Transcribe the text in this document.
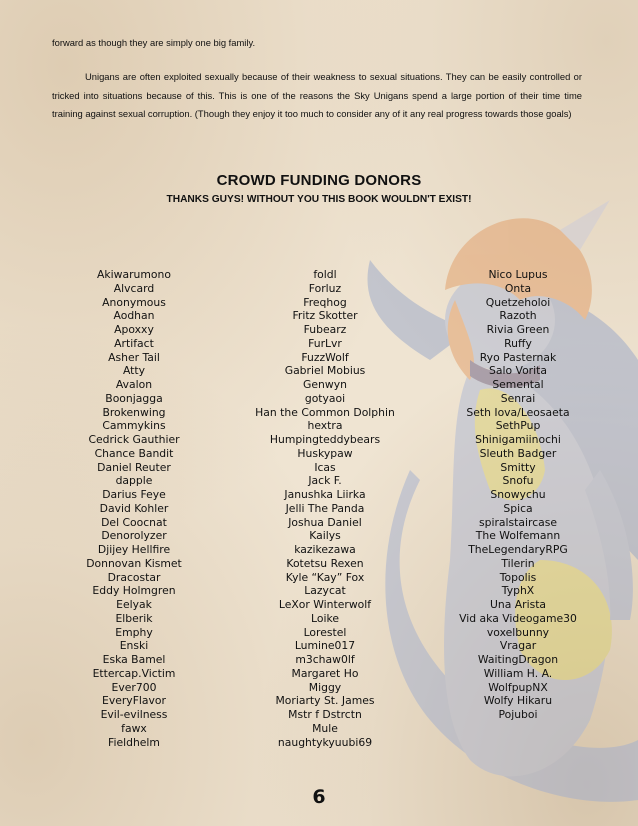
forward as though they are simply one big family.

Unigans are often exploited sexually because of their weakness to sexual situations. They can be easily controlled or tricked into situations because of this. This is one of the reasons the Sky Unigans spend a large portion of their time time training against sexual corruption. (Though they enjoy it too much to consider any of it any real progress towards those goals)

CROWD FUNDING DONORS
THANKS GUYS! WITHOUT YOU THIS BOOK WOULDN'T EXIST!
Akiwarumono
Alvcard
Anonymous
Aodhan
Apoxxy
Artifact
Asher Tail
Atty
Avalon
Boonjagga
Brokenwing
Cammykins
Cedrick Gauthier
Chance Bandit
Daniel Reuter
dapple
Darius Feye
David Kohler
Del Coocnat
Denorolyzer
Djijey Hellfire
Donnovan Kismet
Dracostar
Eddy Holmgren
Eelyak
Elberik
Emphy
Enski
Eska Bamel
Ettercap.Victim
Ever700
EveryFlavor
Evil-evilness
fawx
Fieldhelm
foldl
Forluz
Freqhog
Fritz Skotter
Fubearz
FurLvr
FuzzWolf
Gabriel Mobius
Genwyn
gotyaoi
Han the Common Dolphin
hextra
Humpingteddybears
Huskypaw
Icas
Jack F.
Janushka Liirka
Jelli The Panda
Joshua Daniel
Kailys
kazikezawa
Kotetsu Rexen
Kyle “Kay” Fox
Lazycat
LeXor Winterwolf
Loike
Lorestel
Lumine017
m3chaw0lf
Margaret Ho
Miggy
Moriarty St. James
Mstr f Dstrctn
Mule
naughtykyuubi69
Nico Lupus
Onta
Quetzeholoi
Razoth
Rivia Green
Ruffy
Ryo Pasternak
Salo Vorita
Semental
Senrai
Seth Iova/Leosaeta
SethPup
Shinigamiinochi
Sleuth Badger
Smitty
Snofu
Snowychu
Spica
spiralstaircase
The Wolfemann
TheLegendaryRPG
Tilerin
Topolis
TyphX
Una Arista
Vid aka Videogame30
voxelbunny
Vragar
WaitingDragon
William H. A.
WolfpupNX
Wolfy Hikaru
Pojuboi
6
